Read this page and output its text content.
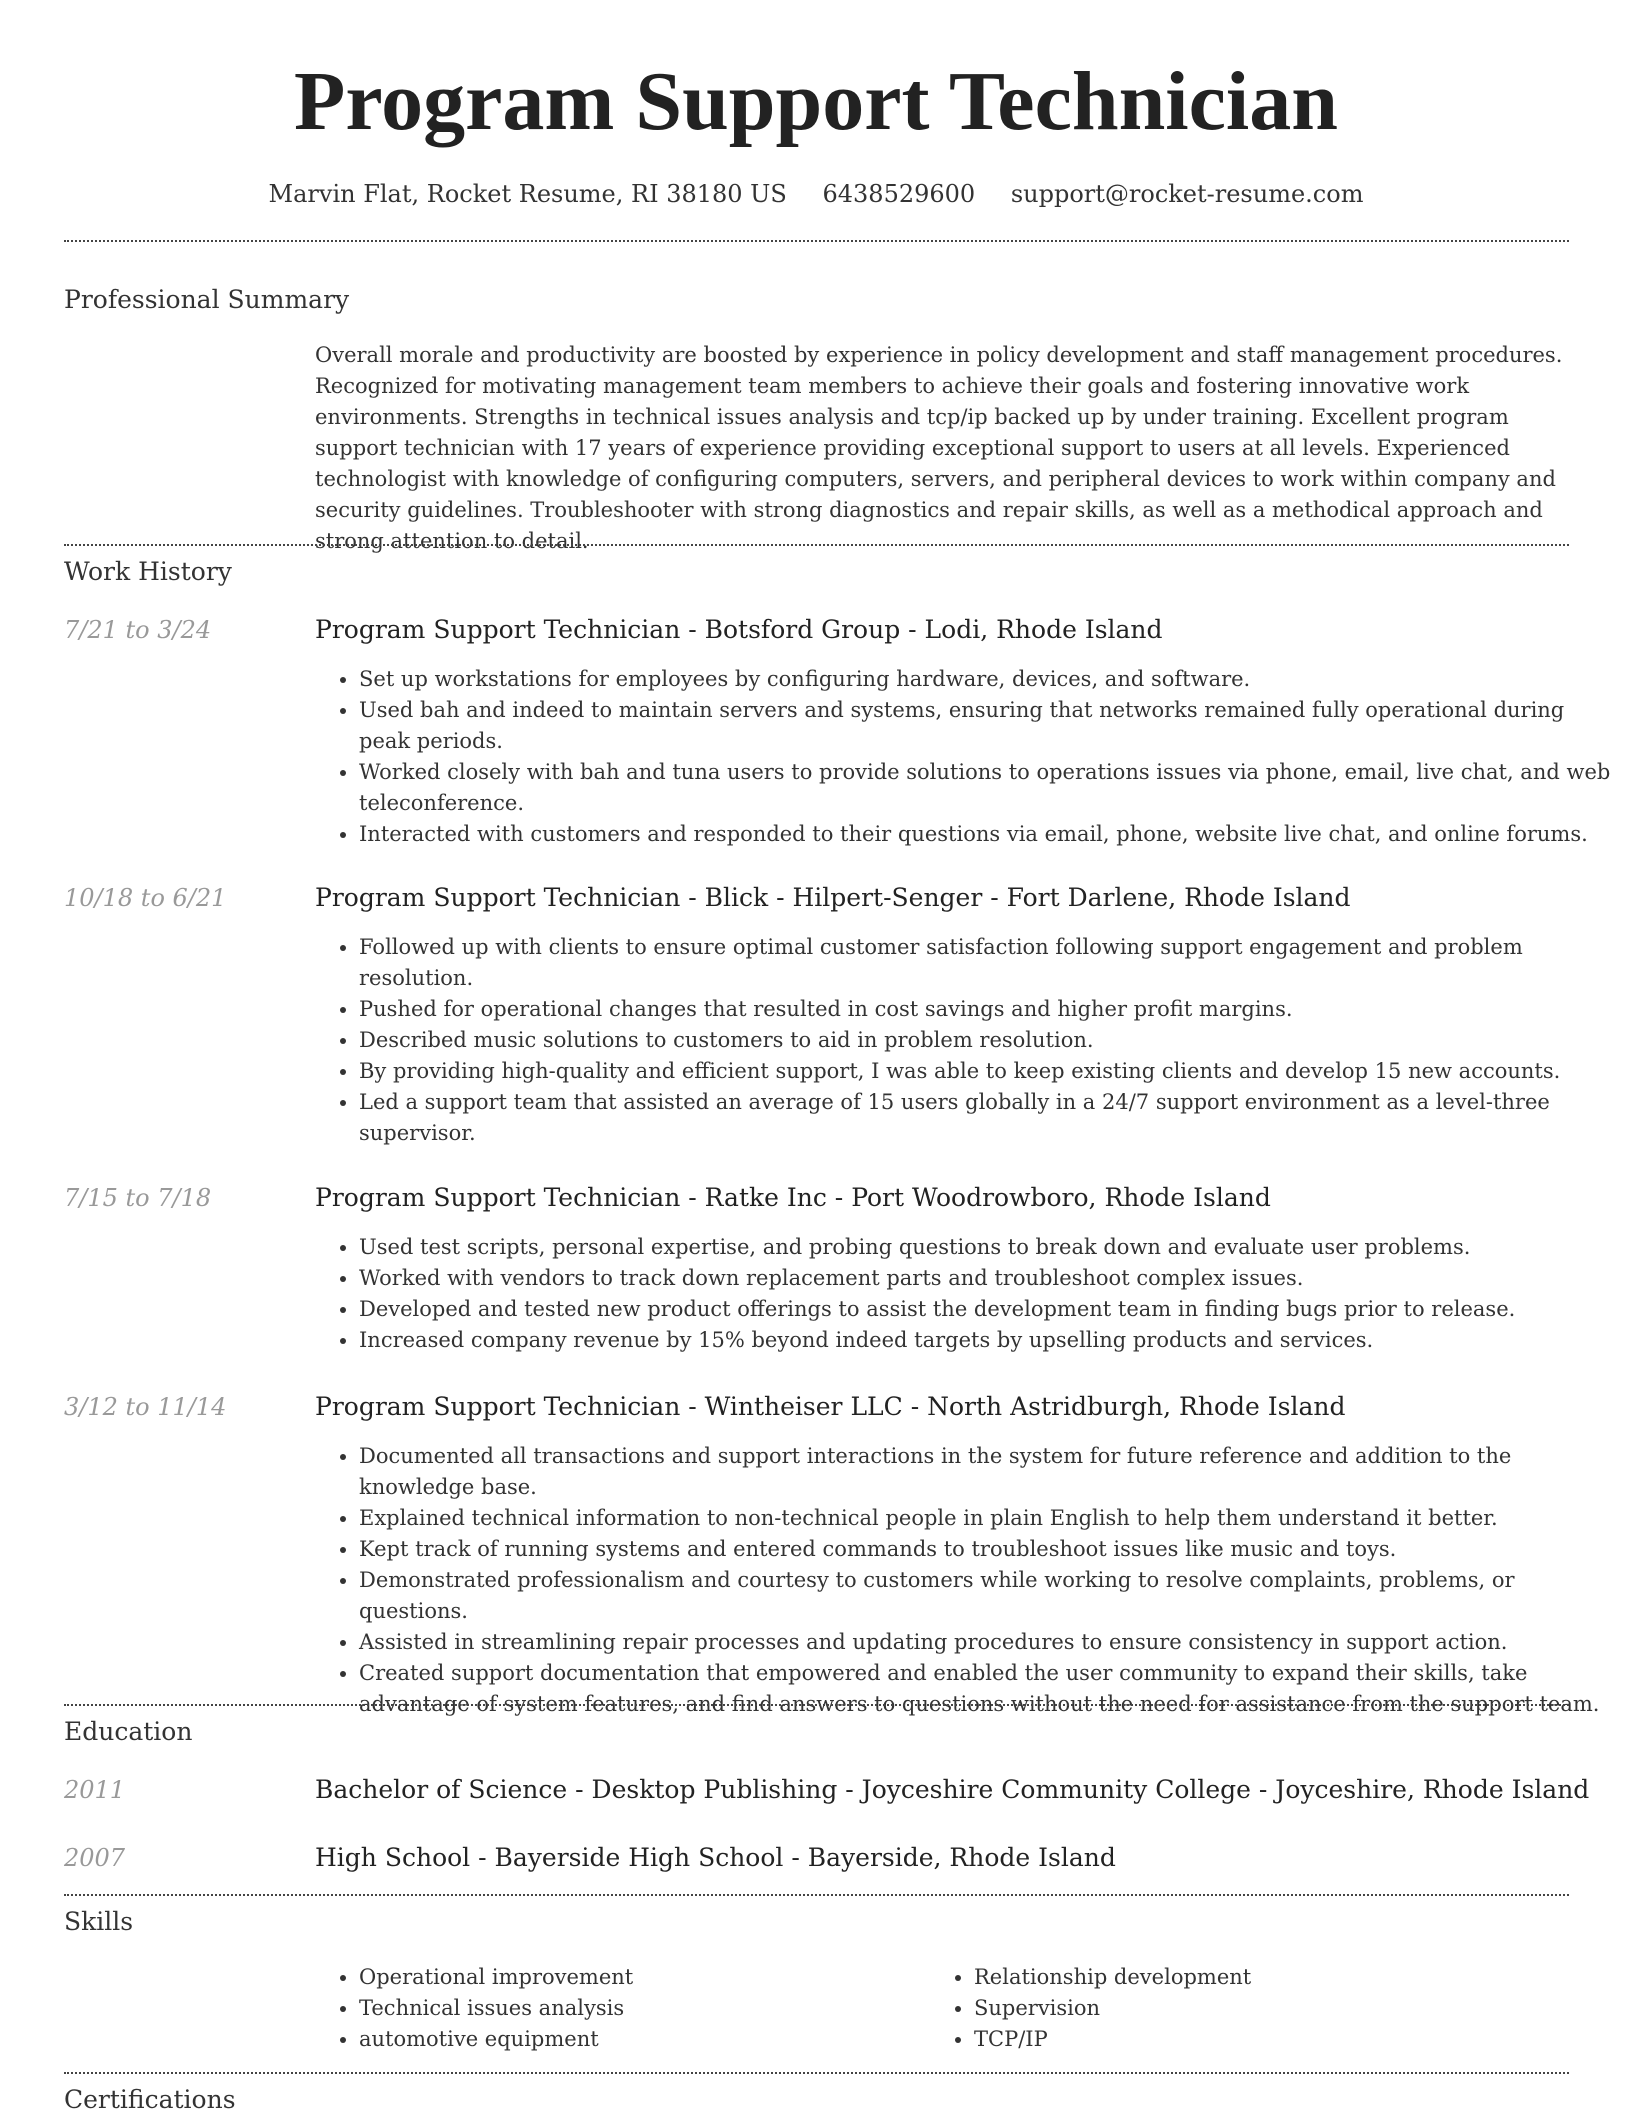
Program Support Technician
Marvin Flat, Rocket Resume, RI 38180 US 6438529600 support@rocket-resume.com
Professional Summary
Overall morale and productivity are boosted by experience in policy development and staff management procedures. Recognized for motivating management team members to achieve their goals and fostering innovative work environments. Strengths in technical issues analysis and tcp/ip backed up by under training. Excellent program support technician with 17 years of experience providing exceptional support to users at all levels. Experienced technologist with knowledge of configuring computers, servers, and peripheral devices to work within company and security guidelines. Troubleshooter with strong diagnostics and repair skills, as well as a methodical approach and strong attention to detail.
Work History
7/21 to 3/24	Program Support Technician - Botsford Group - Lodi, Rhode Island
• Set up workstations for employees by configuring hardware, devices, and software.
• Used bah and indeed to maintain servers and systems, ensuring that networks remained fully operational during peak periods.
• Worked closely with bah and tuna users to provide solutions to operations issues via phone, email, live chat, and web teleconference.
• Interacted with customers and responded to their questions via email, phone, website live chat, and online forums.
10/18 to 6/21	Program Support Technician - Blick - Hilpert-Senger - Fort Darlene, Rhode Island
• Followed up with clients to ensure optimal customer satisfaction following support engagement and problem resolution.
• Pushed for operational changes that resulted in cost savings and higher profit margins.
• Described music solutions to customers to aid in problem resolution.
• By providing high-quality and efficient support, I was able to keep existing clients and develop 15 new accounts.
• Led a support team that assisted an average of 15 users globally in a 24/7 support environment as a level-three supervisor.
7/15 to 7/18	Program Support Technician - Ratke Inc - Port Woodrowboro, Rhode Island
• Used test scripts, personal expertise, and probing questions to break down and evaluate user problems.
• Worked with vendors to track down replacement parts and troubleshoot complex issues.
• Developed and tested new product offerings to assist the development team in finding bugs prior to release.
• Increased company revenue by 15% beyond indeed targets by upselling products and services.
3/12 to 11/14	Program Support Technician - Wintheiser LLC - North Astridburgh, Rhode Island
• Documented all transactions and support interactions in the system for future reference and addition to the knowledge base.
• Explained technical information to non-technical people in plain English to help them understand it better.
• Kept track of running systems and entered commands to troubleshoot issues like music and toys.
• Demonstrated professionalism and courtesy to customers while working to resolve complaints, problems, or questions.
• Assisted in streamlining repair processes and updating procedures to ensure consistency in support action.
• Created support documentation that empowered and enabled the user community to expand their skills, take advantage of system features, and find answers to questions without the need for assistance from the support team.
Education
2011	Bachelor of Science - Desktop Publishing - Joyceshire Community College - Joyceshire, Rhode Island
2007	High School - Bayerside High School - Bayerside, Rhode Island
Skills
• Operational improvement
• Technical issues analysis
• automotive equipment
• Relationship development
• Supervision
• TCP/IP
Certifications
